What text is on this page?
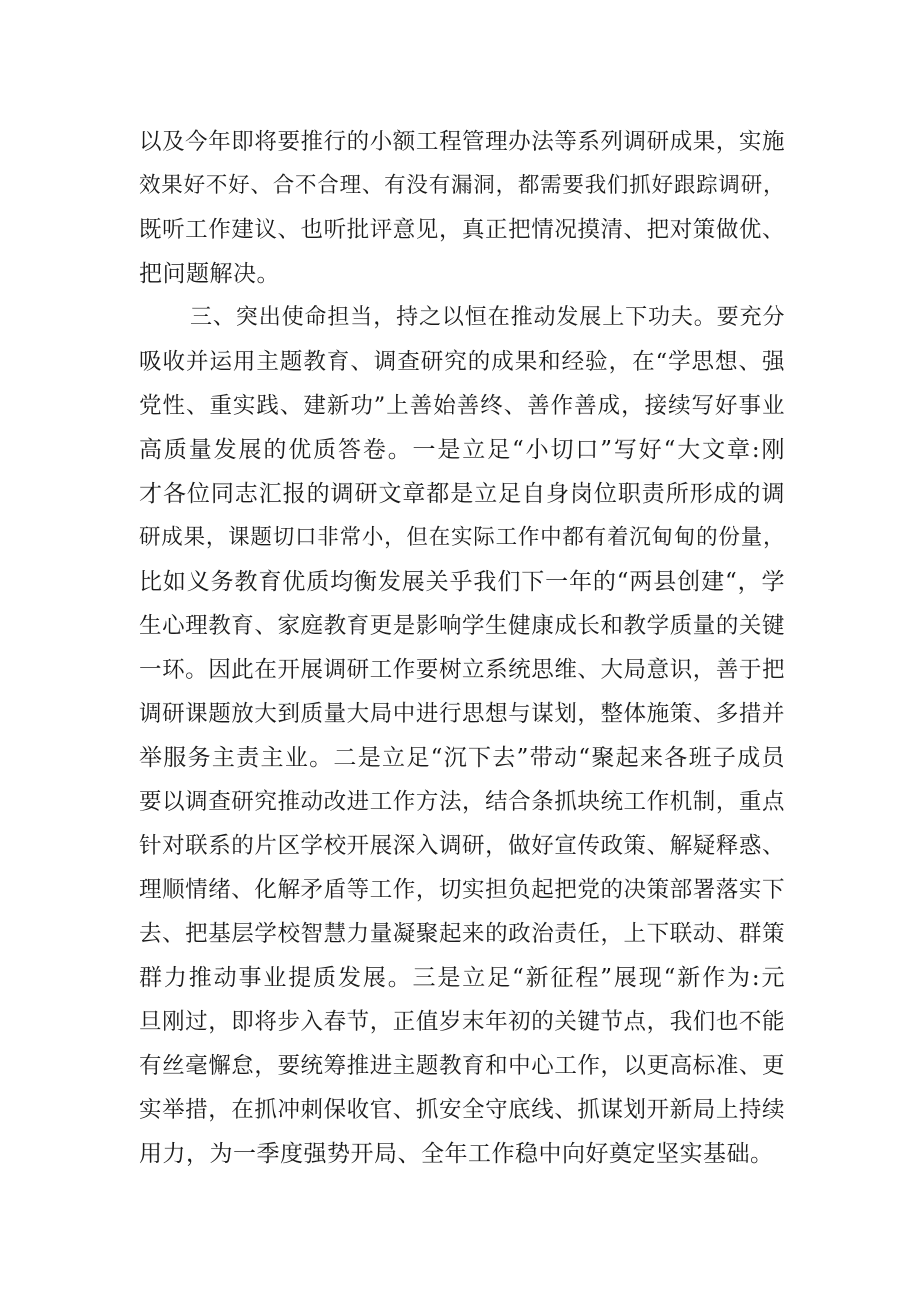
以及今年即将要推行的小额工程管理办法等系列调研成果，实施
效果好不好、合不合理、有没有漏洞，都需要我们抓好跟踪调研，
既听工作建议、也听批评意见，真正把情况摸清、把对策做优、
把问题解决。
三、突出使命担当，持之以恒在推动发展上下功夫。要充分
吸收并运用主题教育、调查研究的成果和经验，在“学思想、强
党性、重实践、建新功”上善始善终、善作善成，接续写好事业
高质量发展的优质答卷。一是立足“小切口”写好“大文章:刚
才各位同志汇报的调研文章都是立足自身岗位职责所形成的调
研成果，课题切口非常小，但在实际工作中都有着沉甸甸的份量，
比如义务教育优质均衡发展关乎我们下一年的“两县创建“，学
生心理教育、家庭教育更是影响学生健康成长和教学质量的关键
一环。因此在开展调研工作要树立系统思维、大局意识，善于把
调研课题放大到质量大局中进行思想与谋划，整体施策、多措并
举服务主责主业。二是立足“沉下去”带动“聚起来各班子成员
要以调查研究推动改进工作方法，结合条抓块统工作机制，重点
针对联系的片区学校开展深入调研，做好宣传政策、解疑释惑、
理顺情绪、化解矛盾等工作，切实担负起把党的决策部署落实下
去、把基层学校智慧力量凝聚起来的政治责任，上下联动、群策
群力推动事业提质发展。三是立足“新征程”展现“新作为:元
旦刚过，即将步入春节，正值岁末年初的关键节点，我们也不能
有丝毫懈怠，要统筹推进主题教育和中心工作，以更高标准、更
实举措，在抓冲刺保收官、抓安全守底线、抓谋划开新局上持续
用力，为一季度强势开局、全年工作稳中向好奠定坚实基础。
